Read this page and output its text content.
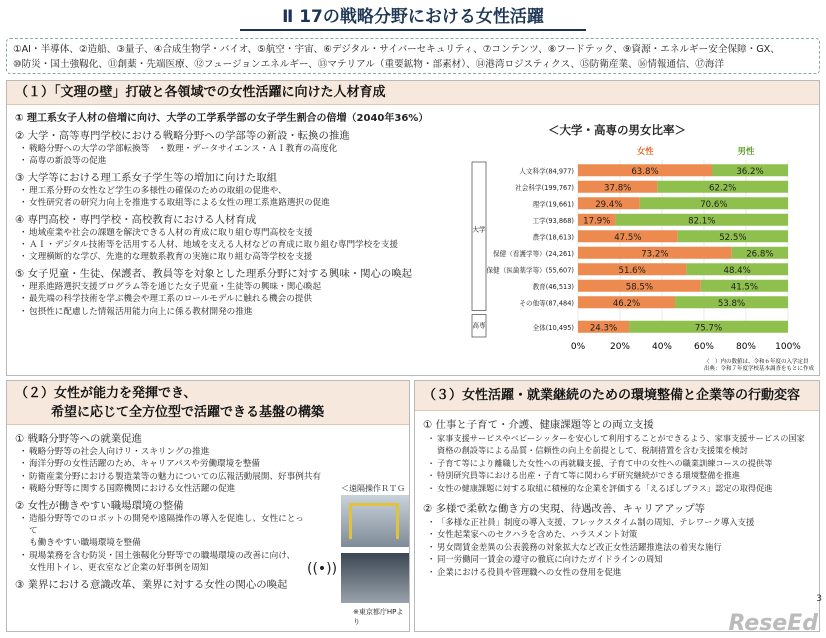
Ⅱ 17の戦略分野における女性活躍
①AI・半導体、②造船、③量子、④合成生物学・バイオ、⑤航空・宇宙、⑥デジタル・サイバーセキュリティ、⑦コンテンツ、⑧フードテック、⑨資源・エネルギー安全保障・GX、
⑩防災・国土強靱化、⑪創薬・先端医療、⑫フュージョンエネルギー、⑬マテリアル（重要鉱物・部素材）、⑭港湾ロジスティクス、⑮防衛産業、⑯情報通信、⑰海洋
（１）「文理の壁」打破と各領域での女性活躍に向けた人材育成
① 理工系女子人材の倍増に向け、大学の工学系学部の女子学生割合の倍増（2040年36%）
② 大学・高等専門学校における戦略分野への学部等の新設・転換の推進
・ 戦略分野への大学の学部転換等　・数理・データサイエンス・ＡＩ教育の高度化
・ 高専の新設等の促進
③ 大学等における理工系女子学生等の増加に向けた取組
・ 理工系分野の女性など学生の多様性の確保のための取組の促進や、
・ 女性研究者の研究力向上を推進する取組等による女性の理工系進路選択の促進
④ 専門高校・専門学校・高校教育における人材育成
・ 地域産業や社会の課題を解決できる人材の育成に取り組む専門高校を支援
・ ＡＩ・デジタル技術等を活用する人材、地域を支える人材などの育成に取り組む専門学校を支援
・ 文理横断的な学び、先進的な理数系教育の実施に取り組む高等学校を支援
⑤ 女子児童・生徒、保護者、教員等を対象とした理系分野に対する興味・関心の喚起
・ 理系進路選択支援プログラム等を通じた女子児童・生徒等の興味・関心喚起
・ 最先端の科学技術を学ぶ機会や理工系のロールモデルに触れる機会の提供
・ 包摂性に配慮した情報活用能力向上に係る教材開発の推進
＜大学・高専の男女比率＞
女性	男性
人文科学(84,977)	63.8%	36.2%
社会科学(199,767)	37.8%	62.2%
理学(19,661) 29.4%	70.6%
工学(93,868) 17.9%	82.1%
農学(18,613)	47.5%	52.5%
保健（看護学等）(24,261)	73.2%	26.8%
保健（医歯薬学等）(55,607)	51.6%	48.4%
教育(46,513)	58.5%	41.5%
その他等(87,484)	46.2%	53.8%
全体(10,495) 24.3%	75.7%
大学
高専
0%	20% 40% 60% 80% 100%
（　）内の数値は、令和６年度の入学定員
出典：令和７年度学校基本調査をもとに作成
（２）女性が能力を発揮でき、
希望に応じて全方位型で活躍できる基盤の構築
① 戦略分野等への就業促進
・ 戦略分野等の社会人向けリ・スキリングの推進
・ 海洋分野の女性活躍のため、キャリアパスや労働環境を整備
・ 防衛産業分野における製造業等の魅力についての広報活動展開、好事例共有
・ 戦略分野等に関する国際機関における女性活躍の促進
② 女性が働きやすい職場環境の整備
・ 造船分野等でのロボットの開発や遠隔操作の導入を促進し、女性にとって
も働きやすい職場環境を整備
・ 現場業務を含む防災・国土強靱化分野等での職場環境の改善に向け、
女性用トイレ、更衣室など企業の好事例を周知
③ 業界における意識改革、業界に対する女性の関心の喚起
＜遠隔操作ＲＴＧ
((•))
※東京都庁HPより
（３）女性活躍・就業継続のための環境整備と企業等の行動変容
① 仕事と子育て・介護、健康課題等との両立支援
・ 家事支援サービスやベビーシッターを安心して利用することができるよう、家事支援サービスの国家
資格の創設等による品質・信頼性の向上を前提として、税制措置を含む支援策を検討
・ 子育て等により離職した女性への再就職支援、子育て中の女性への職業訓練コースの提供等
・ 特別研究員等における出産・子育て等に関わらず研究継続ができる環境整備を推進
・ 女性の健康課題に対する取組に積極的な企業を評価する「えるぼしプラス」認定の取得促進
② 多様で柔軟な働き方の実現、待遇改善、キャリアアップ等
・ 「多様な正社員」制度の導入支援、フレックスタイム制の周知、テレワーク導入支援
・ 女性起業家へのセクハラを含めた、ハラスメント対策
・ 男女間賃金差異の公表義務の対象拡大など改正女性活躍推進法の着実な施行
・ 同一労働同一賃金の遵守の徹底に向けたガイドラインの周知
・ 企業における役員や管理職への女性の登用を促進
3
ReseEd
